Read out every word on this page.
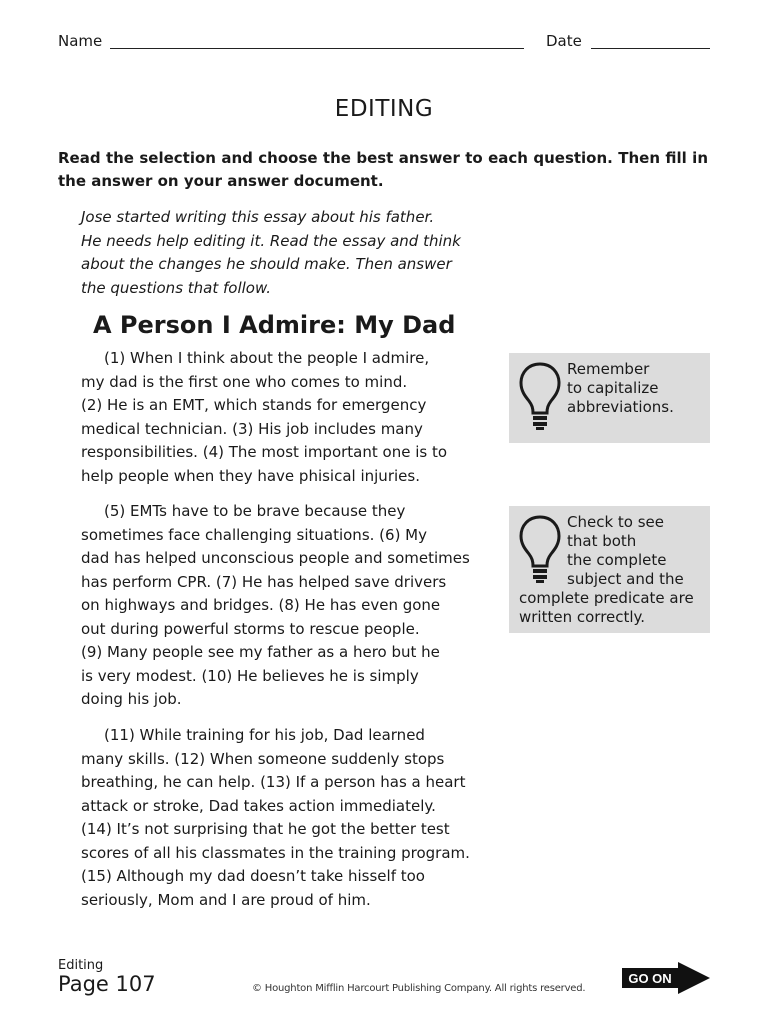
Name	Date
EDITING
Read the selection and choose the best answer to each question. Then fill in the answer on your answer document.
Jose started writing this essay about his father.
He needs help editing it. Read the essay and think
about the changes he should make. Then answer
the questions that follow.
A Person I Admire: My Dad
(1) When I think about the people I admire,
my dad is the first one who comes to mind.
(2) He is an EMT, which stands for emergency
medical technician. (3) His job includes many
responsibilities. (4) The most important one is to
help people when they have phisical injuries.
(5) EMTs have to be brave because they
sometimes face challenging situations. (6) My
dad has helped unconscious people and sometimes
has perform CPR. (7) He has helped save drivers
on highways and bridges. (8) He has even gone
out during powerful storms to rescue people.
(9) Many people see my father as a hero but he
is very modest. (10) He believes he is simply
doing his job.
(11) While training for his job, Dad learned
many skills. (12) When someone suddenly stops
breathing, he can help. (13) If a person has a heart
attack or stroke, Dad takes action immediately.
(14) It’s not surprising that he got the better test
scores of all his classmates in the training program.
(15) Although my dad doesn’t take hisself too
seriously, Mom and I are proud of him.
Remember
to capitalize
abbreviations.
Check to see
that both
the complete
subject and the
complete predicate are
written correctly.
Editing
Page 107	© Houghton Mifflin Harcourt Publishing Company. All rights reserved.
GO ON
